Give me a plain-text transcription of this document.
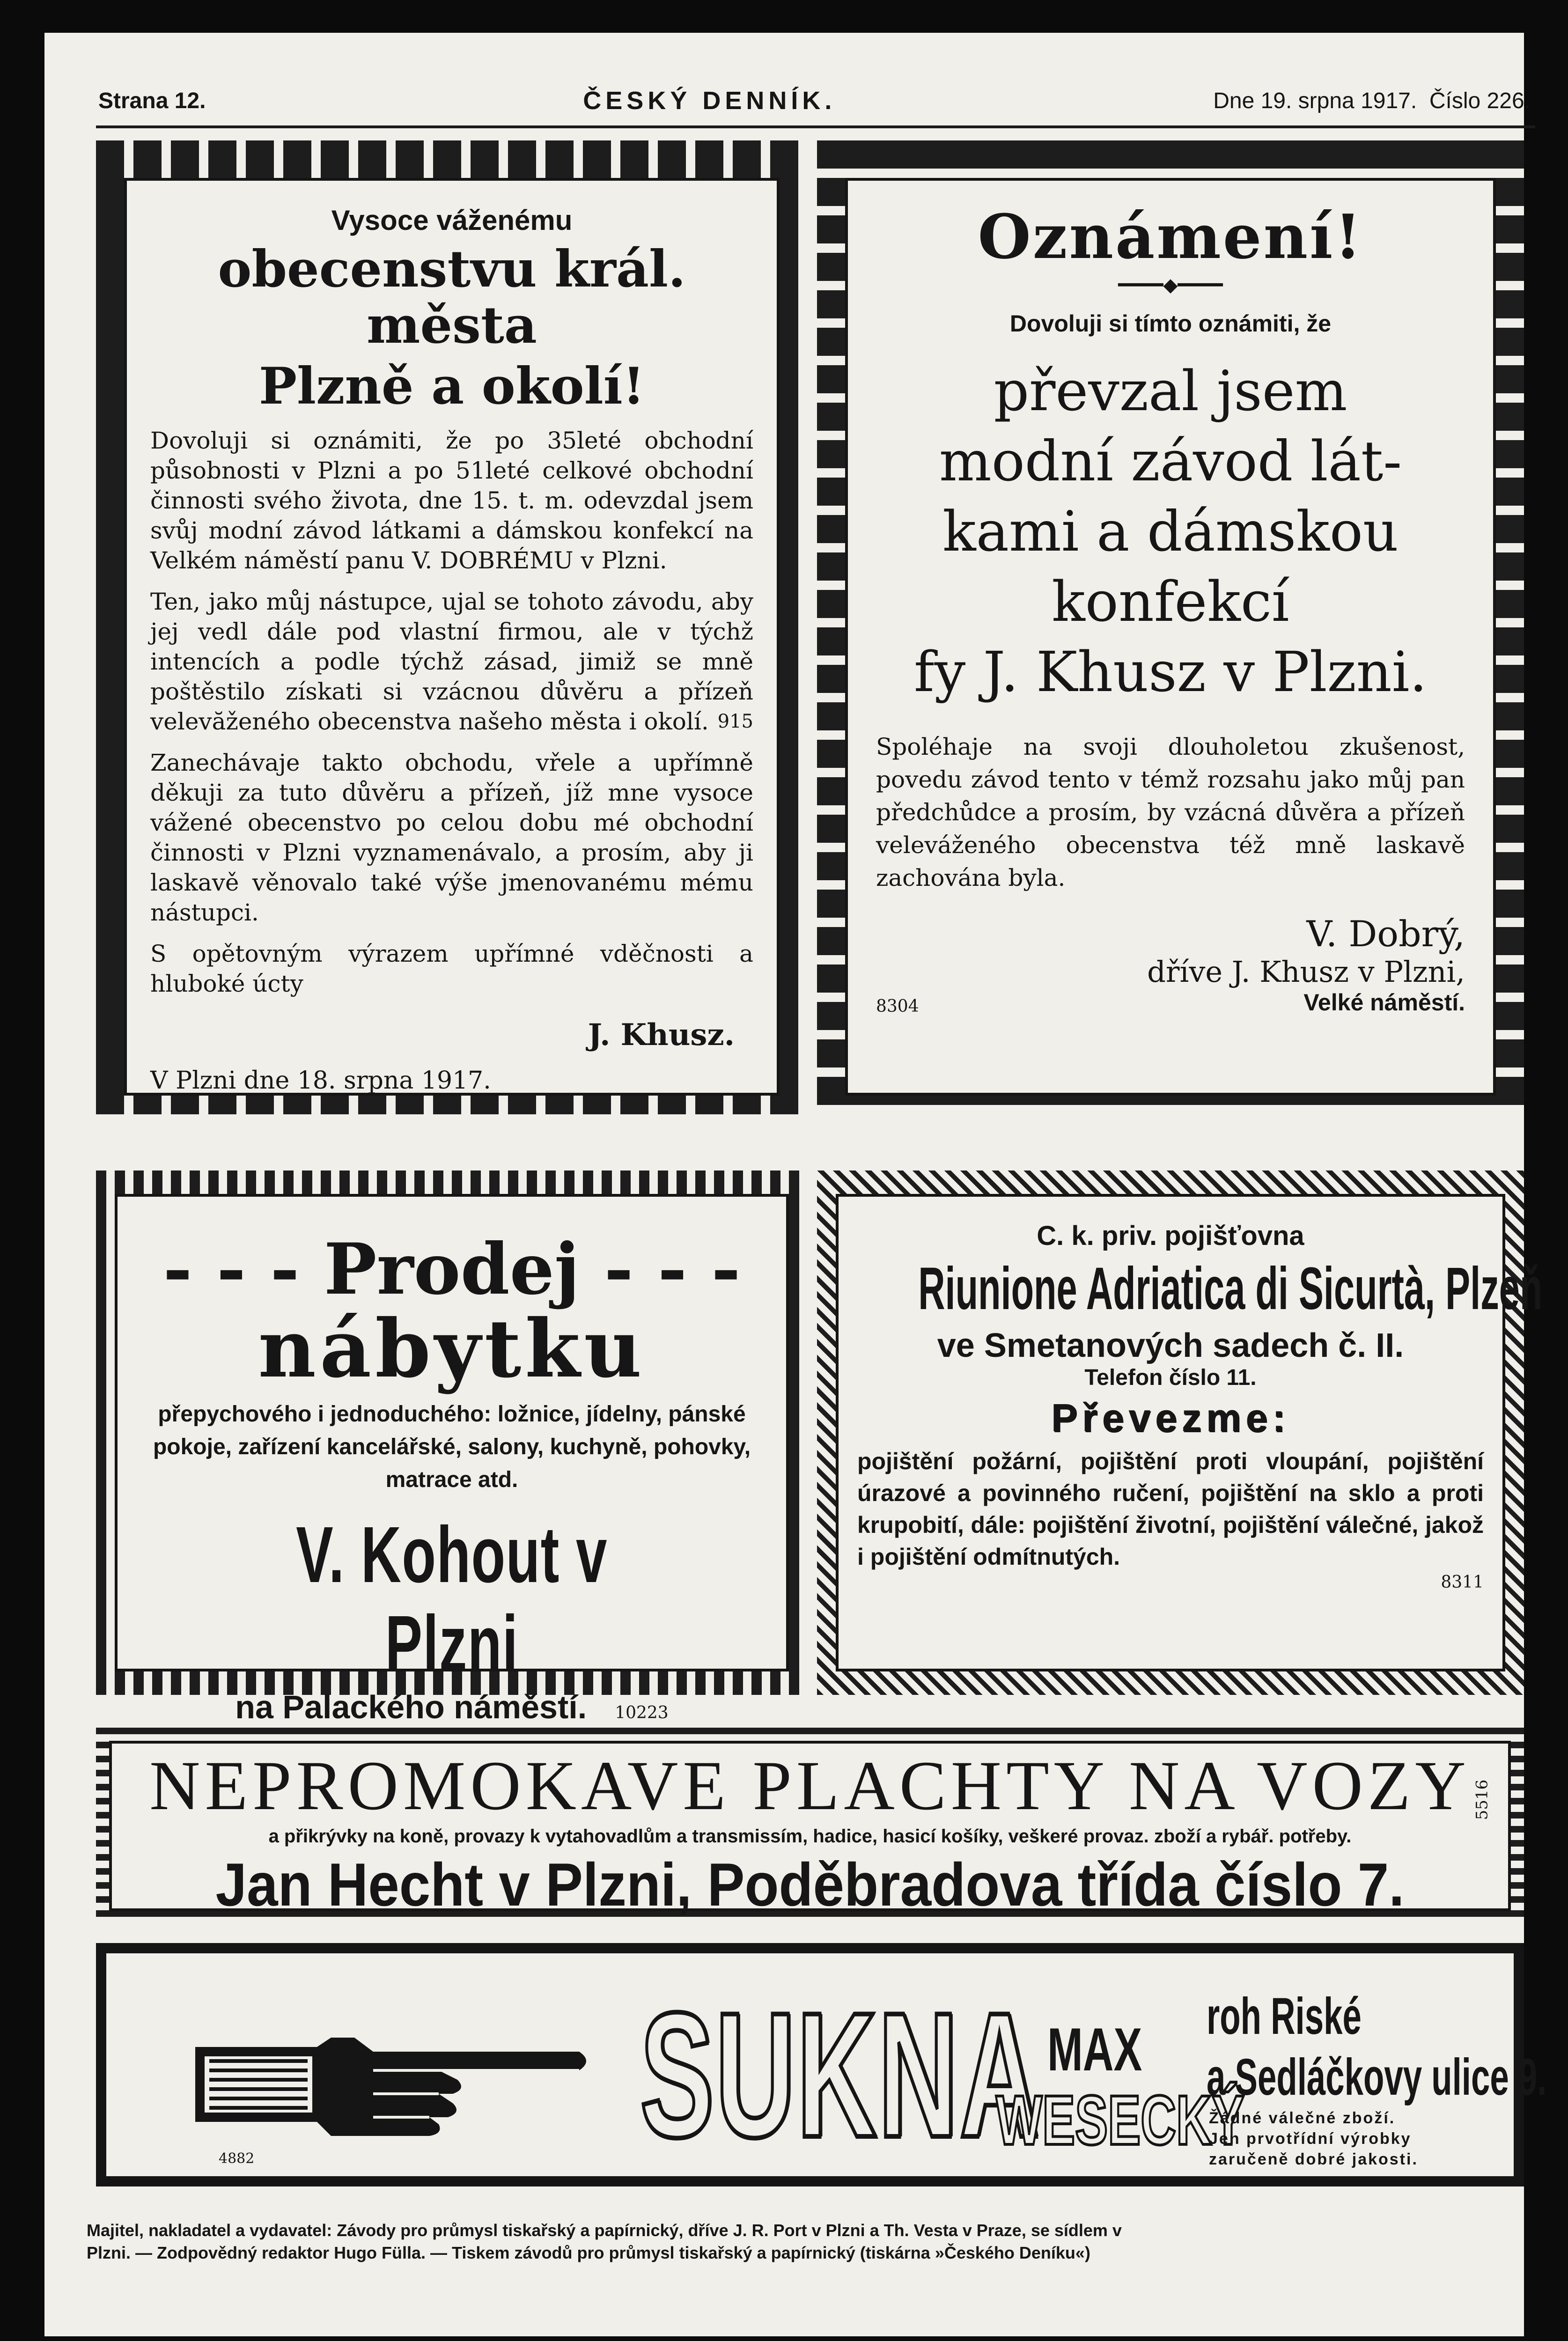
Strana 12.	ČESKÝ DENNÍK.	Dne 19. srpna 1917. Číslo 226.
Vysoce váženému
obecenstvu král. města
Plzně a okolí!

Dovoluji si oznámiti, že po 35leté obchodní působnosti v Plzni a po 51leté celkové obchodní činnosti svého života, dne 15. t. m. odevzdal jsem svůj modní závod látkami a dámskou konfekcí na Velkém náměstí panu V. DOBRÉMU v Plzni.

Ten, jako můj nástupce, ujal se tohoto závodu, aby jej vedl dále pod vlastní firmou, ale v týchž intencích a podle týchž zásad, jimiž se mně poštěstilo získati si vzácnou důvěru a přízeň velevăženého obecenstva našeho města i okolí. 915

Zanechávaje takto obchodu, vřele a upřímně děkuji za tuto důvěru a přízeň, jíž mne vysoce vážené obecenstvo po celou dobu mé obchodní činnosti v Plzni vyznamenávalo, a prosím, aby ji laskavě věnovalo také výše jmenovanému mému nástupci.

S opětovným výrazem upřímné vděčnosti a hluboké úcty

J. Khusz.
V Plzni dne 18. srpna 1917.
Oznámení!
━━━━◆━━━━
Dovoluji si tímto oznámiti, že
převzal jsem
modní závod lát-
kami a dámskou
konfekcí
fy J. Khusz v Plzni.

Spoléhaje na svoji dlouholetou zkušenost, povedu závod tento v témž rozsahu jako můj pan předchůdce a prosím, by vzácná důvěra a přízeň veleváženého obecenstva též mně laskavě zachována byla.

V. Dobrý,
dříve J. Khusz v Plzni,
8304	Velké náměstí.
- - - Prodej - - -
nábytku
přepychového i jednoduchého: ložnice, jídelny, pánské pokoje, zařízení kancelářské, salony, kuchyně, pohovky, matrace atd.
V. Kohout v Plzni
na Palackého náměstí. 10223
C. k. priv. pojišťovna
Riunione Adriatica di Sicurtà, Plzeň
ve Smetanových sadech č. II.
Telefon číslo 11.
Převezme:
pojištění požární, pojištění proti vloupání, pojištění úrazové a povinného ručení, pojištění na sklo a proti krupobití, dále: pojištění životní, pojištění válečné, jakož i pojištění odmítnutých.
8311
NEPROMOKAVE PLACHTY NA VOZY
a přikrývky na koně, provazy k vytahovadlům a transmissím, hadice, hasicí košíky, veškeré provaz. zboží a rybář. potřeby.
Jan Hecht v Plzni, Poděbradova třída číslo 7.
5516
SUKNA MAX
WESECKÝ
roh Riské
a Sedláčkovy ulice 9.
Žádné válečné zboží.
Jen prvotřídní výrobky
zaručeně dobré jakosti.
4882
Majitel, nakladatel a vydavatel: Závody pro průmysl tiskařský a papírnický, dříve J. R. Port v Plzni a Th. Vesta v Praze, se sídlem v
Plzni. — Zodpovědný redaktor Hugo Fülla. — Tiskem závodů pro průmysl tiskařský a papírnický (tiskárna »Českého Deníku«)
